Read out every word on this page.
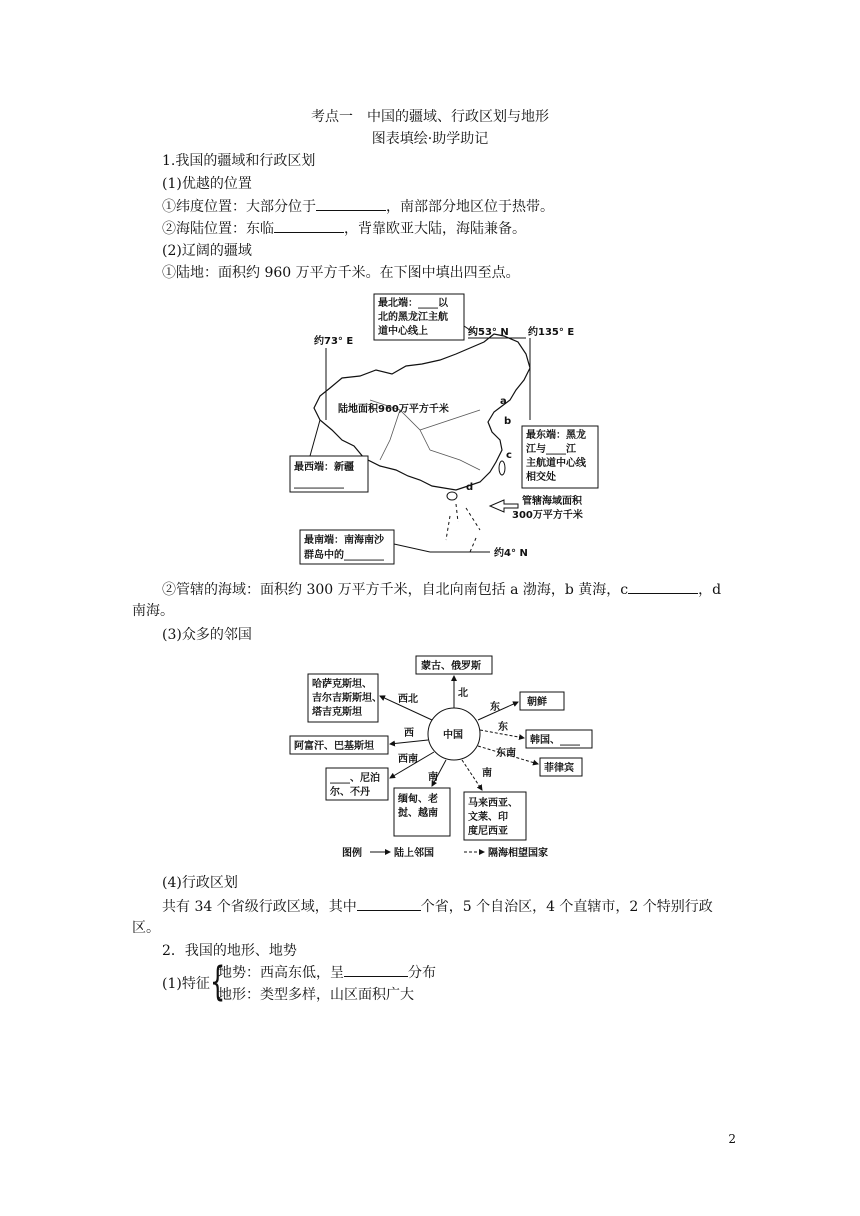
考点一　中国的疆域、行政区划与地形
图表填绘·助学助记
1.我国的疆域和行政区划
(1)优越的位置
①纬度位置：大部分位于	，南部部分地区位于热带。
②海陆位置：东临	，背靠欧亚大陆，海陆兼备。
(2)辽阔的疆域
①陆地：面积约 960 万平方千米。在下图中填出四至点。
最北端：____以
北的黑龙江主航
道中心线上	约53° N 约135° E
约73° E
陆地面积960万平方千米
a
b
c
d
最东端：黑龙
江与____江
主航道中心线
相交处
最西端：新疆
__________
管辖海域面积
300万平方千米
最南端：南海南沙
群岛中的________	约4° N
②管辖的海域：面积约 300 万平方千米，自北向南包括 a 渤海，b 黄海，c	，d
南海。
(3)众多的邻国
中国
蒙古、俄罗斯
北
哈萨克斯坦、
吉尔吉斯斯坦、
塔吉克斯坦
西北
阿富汗、巴基斯坦
西
____、尼泊
尔、不丹
西南
缅甸、老
挝、越南
南
马来西亚、
文莱、印
度尼西亚
南	菲律宾
东南
韩国、____
东
朝鲜
东
图例	陆上邻国	隔海相望国家
(4)行政区划
共有 34 个省级行政区域，其中	个省，5 个自治区，4 个直辖市，2 个特别行政
区。
2．我国的地形、地势
(1)特征 {
地势：西高东低，呈	分布
地形：类型多样，山区面积广大
2
